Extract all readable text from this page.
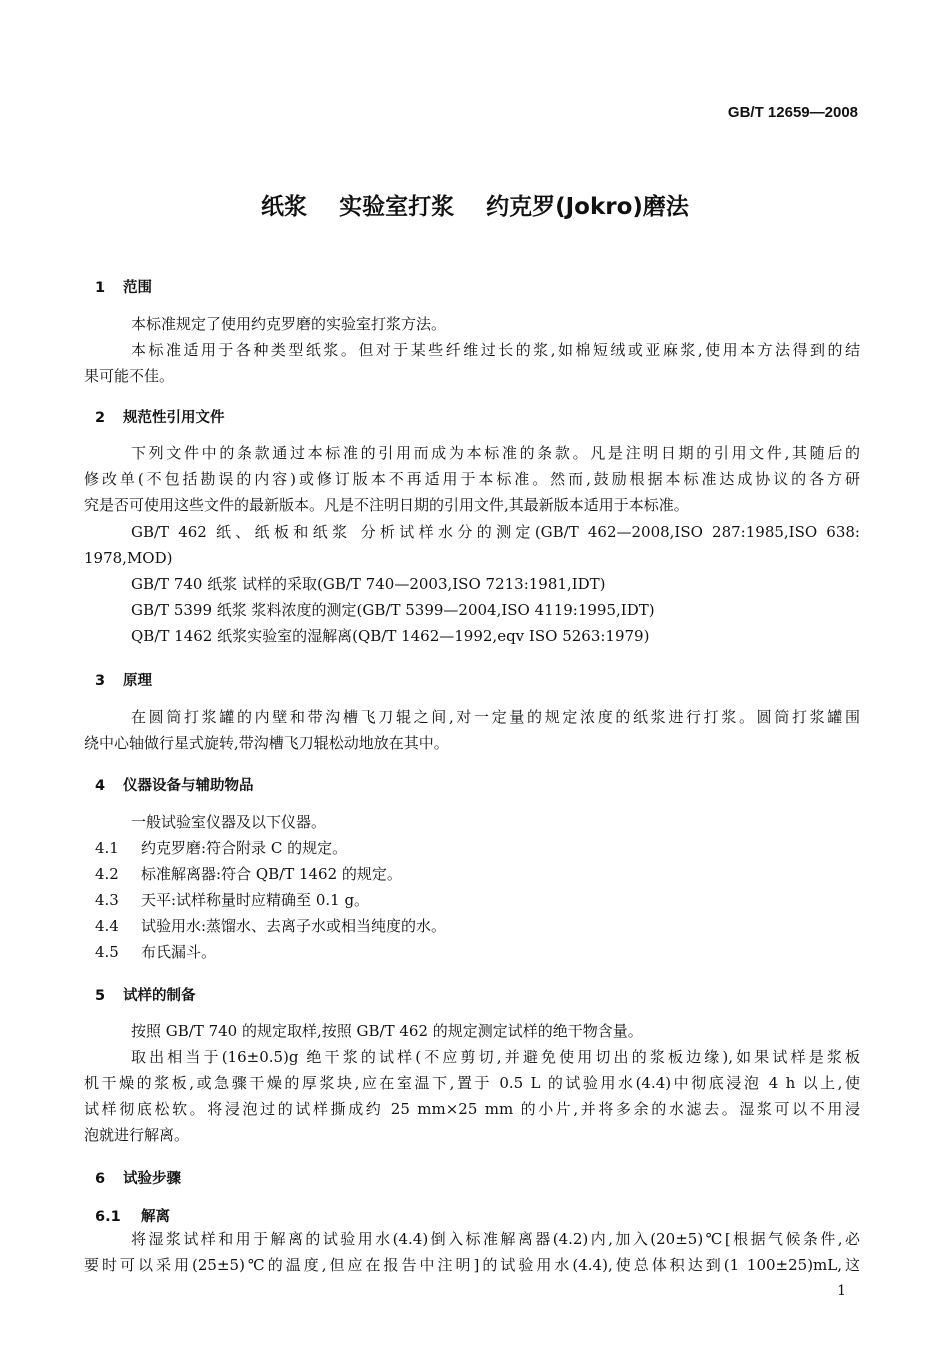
GB/T 12659—2008
纸浆    实验室打浆    约克罗(Jokro)磨法
1 范围
本标准规定了使用约克罗磨的实验室打浆方法。
本标准适用于各种类型纸浆。但对于某些纤维过长的浆,如棉短绒或亚麻浆,使用本方法得到的结
果可能不佳。
2 规范性引用文件
下列文件中的条款通过本标准的引用而成为本标准的条款。凡是注明日期的引用文件,其随后的
修改单(不包括勘误的内容)或修订版本不再适用于本标准。然而,鼓励根据本标准达成协议的各方研
究是否可使用这些文件的最新版本。凡是不注明日期的引用文件,其最新版本适用于本标准。
GB/T 462 纸、纸板和纸浆 分析试样水分的测定(GB/T 462—2008,ISO 287:1985,ISO 638:
1978,MOD)
GB/T 740 纸浆 试样的采取(GB/T 740—2003,ISO 7213:1981,IDT)
GB/T 5399 纸浆 浆料浓度的测定(GB/T 5399—2004,ISO 4119:1995,IDT)
QB/T 1462 纸浆实验室的湿解离(QB/T 1462—1992,eqv ISO 5263:1979)
3 原理
在圆筒打浆罐的内壁和带沟槽飞刀辊之间,对一定量的规定浓度的纸浆进行打浆。圆筒打浆罐围
绕中心轴做行星式旋转,带沟槽飞刀辊松动地放在其中。
4 仪器设备与辅助物品
一般试验室仪器及以下仪器。
4.1 约克罗磨:符合附录 C 的规定。
4.2 标准解离器:符合 QB/T 1462 的规定。
4.3 天平:试样称量时应精确至 0.1 g。
4.4 试验用水:蒸馏水、去离子水或相当纯度的水。
4.5 布氏漏斗。
5 试样的制备
按照 GB/T 740 的规定取样,按照 GB/T 462 的规定测定试样的绝干物含量。
取出相当于(16±0.5)g 绝干浆的试样(不应剪切,并避免使用切出的浆板边缘),如果试样是浆板
机干燥的浆板,或急骤干燥的厚浆块,应在室温下,置于 0.5 L 的试验用水(4.4)中彻底浸泡 4 h 以上,使
试样彻底松软。将浸泡过的试样撕成约 25 mm×25 mm 的小片,并将多余的水滤去。湿浆可以不用浸
泡就进行解离。
6 试验步骤
6.1 解离
将湿浆试样和用于解离的试验用水(4.4)倒入标准解离器(4.2)内,加入(20±5)℃[根据气候条件,必
要时可以采用(25±5)℃的温度,但应在报告中注明]的试验用水(4.4),使总体积达到(1 100±25)mL,这
1
